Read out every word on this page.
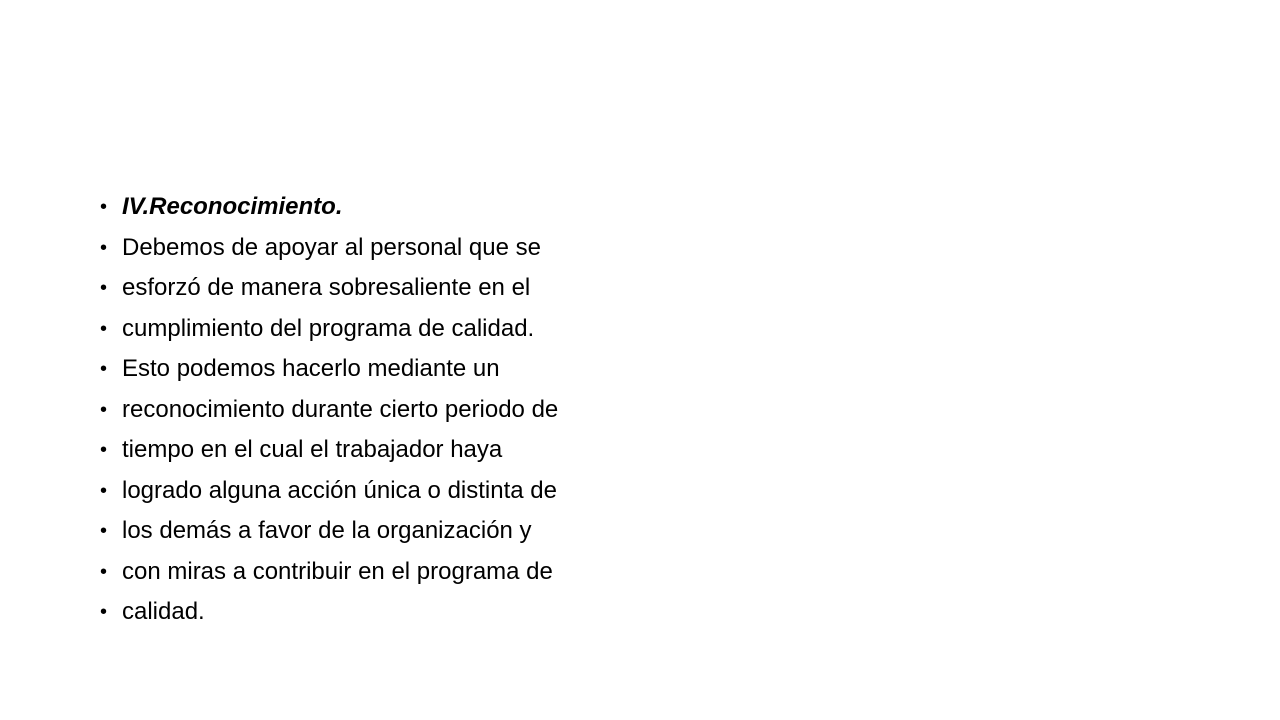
• IV.Reconocimiento.
• Debemos de apoyar al personal que se
• esforzó de manera sobresaliente en el
• cumplimiento del programa de calidad.
• Esto podemos hacerlo mediante un
• reconocimiento durante cierto periodo de
• tiempo en el cual el trabajador haya
• logrado alguna acción única o distinta de
• los demás a favor de la organización y
• con miras a contribuir en el programa de
• calidad.
